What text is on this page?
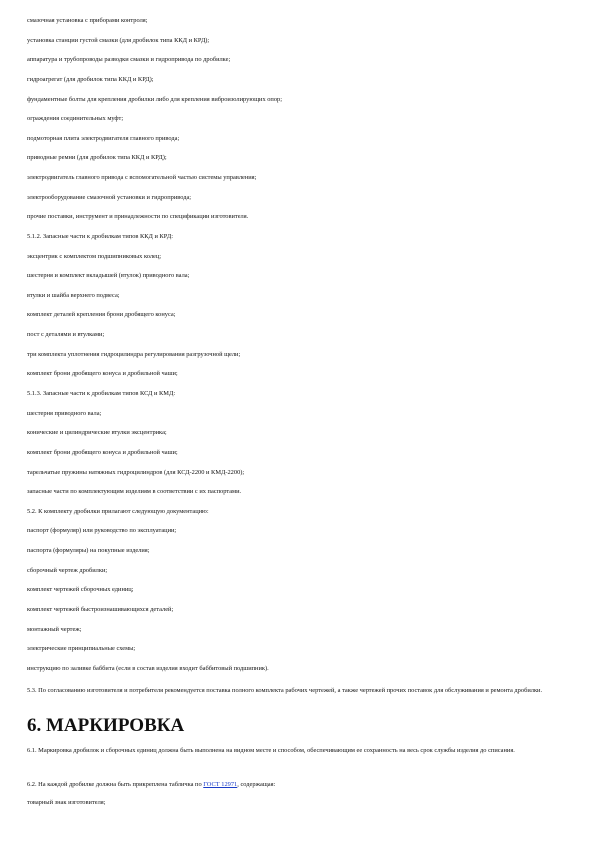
смазочная установка с приборами контроля;
установка станции густой смазки (для дробилок типа ККД и КРД);
аппаратура и трубопроводы разводки смазки и гидропривода по дробилке;
гидроагрегат (для дробилок типа ККД и КРД);
фундаментные болты для крепления дробилки либо для крепления виброизолирующих опор;
ограждения соединительных муфт;
подмоторная плита электродвигателя главного привода;
приводные ремни (для дробилок типа ККД и КРД);
электродвигатель главного привода с вспомогательной частью системы управления;
электрооборудование смазочной установки и гидропривода;
прочие поставки, инструмент и принадлежности по спецификации изготовителя.
5.1.2. Запасные части к дробилкам типов ККД и КРД:
эксцентрик с комплектом подшипниковых колец;
шестерня и комплект вкладышей (втулок) приводного вала;
втулки и шайба верхнего подвеса;
комплект деталей крепления брони дробящего конуса;
пост с деталями и втулками;
три комплекта уплотнения гидроцилиндра регулирования разгрузочной щели;
комплект брони дробящего конуса и дробильной чаши;
5.1.3. Запасные части к дробилкам типов КСД и КМД:
шестерня приводного вала;
конические и цилиндрические втулки эксцентрика;
комплект брони дробящего конуса и дробильной чаши;
тарельчатые пружины натяжных гидроцилиндров (для КСД-2200 и КМД-2200);
запасные части по комплектующим изделиям в соответствии с их паспортами.
5.2. К комплекту дробилки прилагают следующую документацию:
паспорт (формуляр) или руководство по эксплуатации;
паспорта (формуляры) на покупные изделия;
сборочный чертеж дробилки;
комплект чертежей сборочных единиц;
комплект чертежей быстроизнашивающихся деталей;
монтажный чертеж;
электрические принципиальные схемы;
инструкцию по заливке баббита (если в состав изделия входит баббитовый подшипник).
5.3. По согласованию изготовителя и потребителя рекомендуется поставка полного комплекта рабочих чертежей, а также чертежей прочих поставок для обслуживания и ремонта дробилки.
6. МАРКИРОВКА
6.1. Маркировка дробилок и сборочных единиц должна быть выполнена на видном месте и способом, обеспечивающим ее сохранность на весь срок службы изделия до списания.
6.2. На каждой дробилке должна быть прикреплена табличка по ГОСТ 12971, содержащая:
товарный знак изготовителя;
